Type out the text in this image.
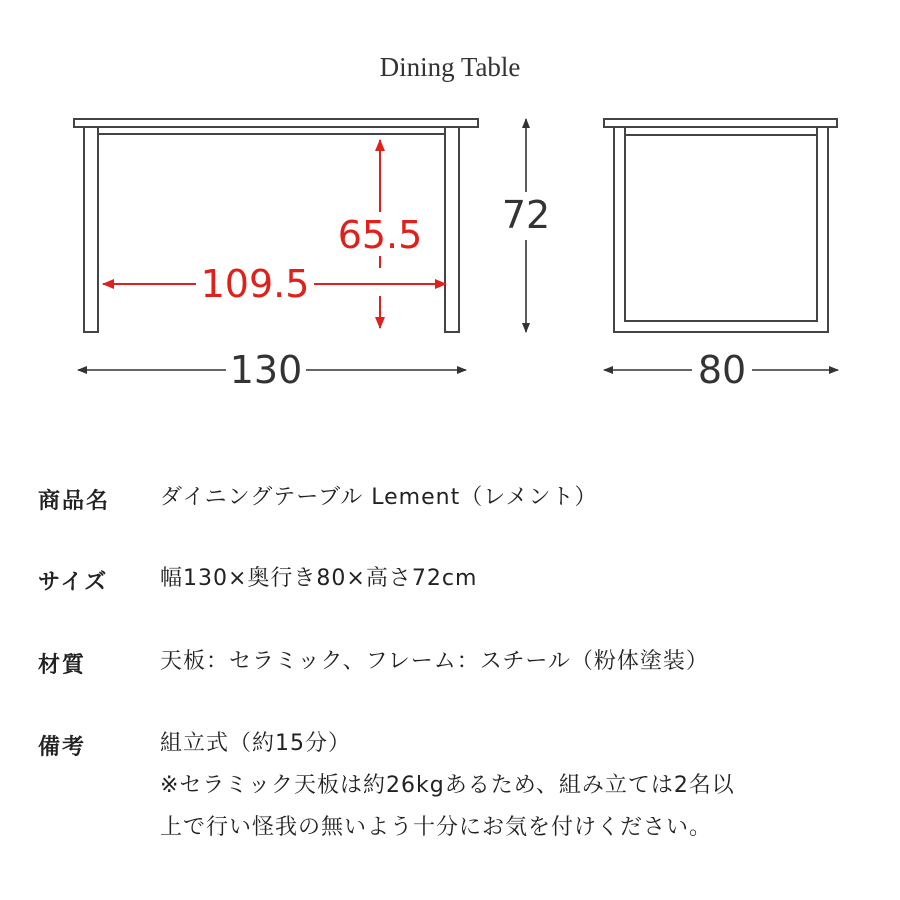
Dining Table
65.5
109.5
72
130	80
商品名 ダイニングテーブル Lement（レメント）
サイズ 幅130×奥行き80×高さ72cm
材質	天板：セラミック、フレーム：スチール（粉体塗装）
備考	組立式（約15分）
※セラミック天板は約26kgあるため、組み立ては2名以
上で行い怪我の無いよう十分にお気を付けください。
